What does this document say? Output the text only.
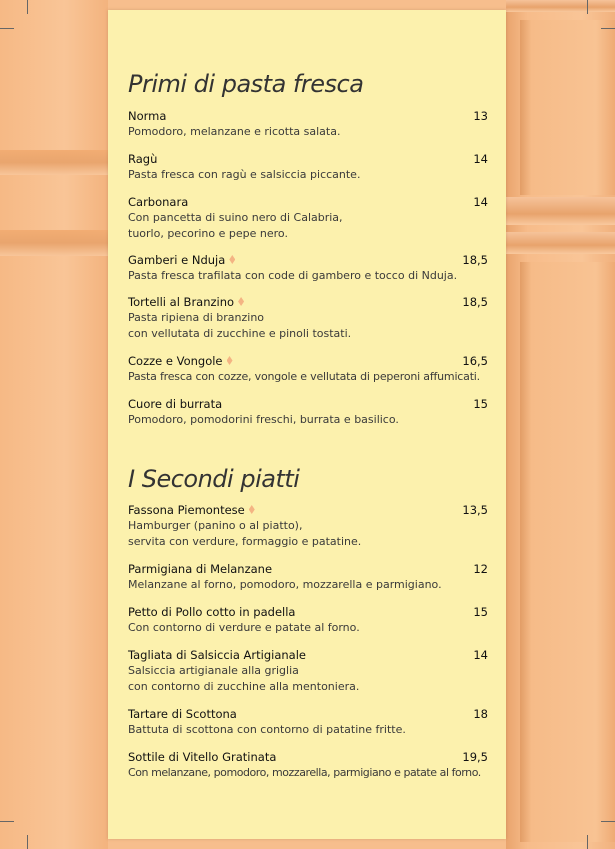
Primi di pasta fresca
Norma	13
Pomodoro, melanzane e ricotta salata.
Ragù	14
Pasta fresca con ragù e salsiccia piccante.
Carbonara	14
Con pancetta di suino nero di Calabria,
tuorlo, pecorino e pepe nero.
Gamberi e Nduja	18,5
Pasta fresca trafilata con code di gambero e tocco di Nduja.
Tortelli al Branzino	18,5
Pasta ripiena di branzino
con vellutata di zucchine e pinoli tostati.
Cozze e Vongole	16,5
Pasta fresca con cozze, vongole e vellutata di peperoni affumicati.
Cuore di burrata	15
Pomodoro, pomodorini freschi, burrata e basilico.
I Secondi piatti
Fassona Piemontese	13,5
Hamburger (panino o al piatto),
servita con verdure, formaggio e patatine.
Parmigiana di Melanzane	12
Melanzane al forno, pomodoro, mozzarella e parmigiano.
Petto di Pollo cotto in padella	15
Con contorno di verdure e patate al forno.
Tagliata di Salsiccia Artigianale	14
Salsiccia artigianale alla griglia
con contorno di zucchine alla mentoniera.
Tartare di Scottona	18
Battuta di scottona con contorno di patatine fritte.
Sottile di Vitello Gratinata	19,5
Con melanzane, pomodoro, mozzarella, parmigiano e patate al forno.
